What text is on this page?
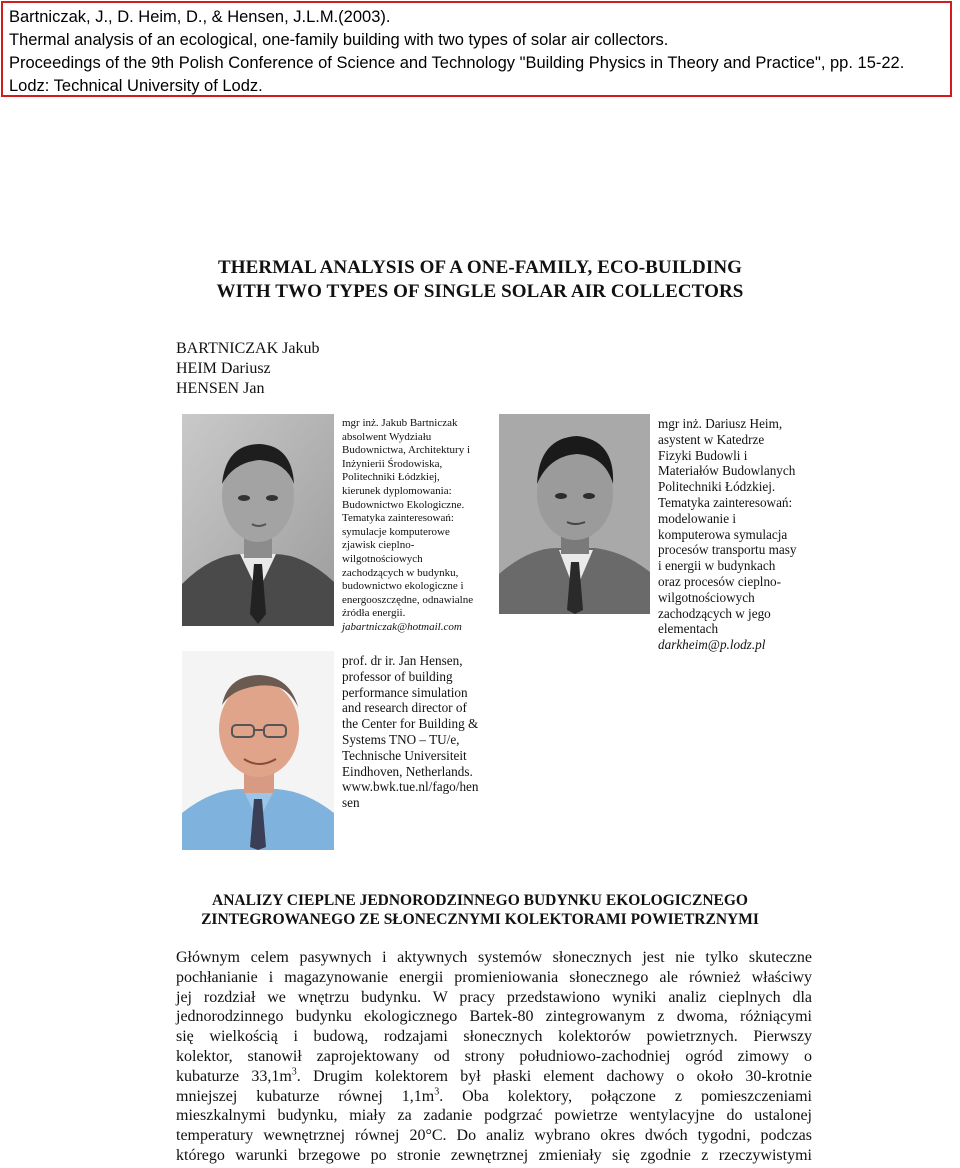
Bartniczak, J., D. Heim, D., & Hensen, J.L.M.(2003).
Thermal analysis of an ecological, one-family building with two types of solar air collectors.
Proceedings of the 9th Polish Conference of Science and Technology "Building Physics in Theory and Practice", pp. 15-22.
Lodz: Technical University of Lodz.
THERMAL ANALYSIS OF A ONE-FAMILY, ECO-BUILDING
WITH TWO TYPES OF SINGLE SOLAR AIR COLLECTORS
BARTNICZAK Jakub
HEIM Dariusz
HENSEN Jan
mgr inż. Jakub Bartniczak
absolwent Wydziału
Budownictwa, Architektury i
Inżynierii Środowiska,
Politechniki Łódzkiej,
kierunek dyplomowania:
Budownictwo Ekologiczne.
Tematyka zainteresowań:
symulacje komputerowe
zjawisk cieplno-
wilgotnościowych
zachodzących w budynku,
budownictwo ekologiczne i
energooszczędne, odnawialne
źródła energii.
jabartniczak@hotmail.com
mgr inż. Dariusz Heim,
asystent w Katedrze
Fizyki Budowli i
Materiałów Budowlanych
Politechniki Łódzkiej.
Tematyka zainteresowań:
modelowanie i
komputerowa symulacja
procesów transportu masy
i energii w budynkach
oraz procesów cieplno-
wilgotnościowych
zachodzących w jego
elementach
darkheim@p.lodz.pl
prof. dr ir. Jan Hensen,
professor of building
performance simulation
and research director of
the Center for Building &
Systems TNO – TU/e,
Technische Universiteit
Eindhoven, Netherlands.
www.bwk.tue.nl/fago/hen
sen
ANALIZY CIEPLNE JEDNORODZINNEGO BUDYNKU EKOLOGICZNEGO
ZINTEGROWANEGO ZE SŁONECZNYMI KOLEKTORAMI POWIETRZNYMI
Głównym celem pasywnych i aktywnych systemów słonecznych jest nie tylko skuteczne
pochłanianie i magazynowanie energii promieniowania słonecznego ale również właściwy
jej rozdział we wnętrzu budynku. W pracy przedstawiono wyniki analiz cieplnych dla
jednorodzinnego budynku ekologicznego Bartek-80 zintegrowanym z dwoma, różniącymi
się wielkością i budową, rodzajami słonecznych kolektorów powietrznych. Pierwszy
kolektor, stanowił zaprojektowany od strony południowo-zachodniej ogród zimowy o
kubaturze $33,1m^3$. Drugim kolektorem był płaski element dachowy o około 30-krotnie
mniejszej kubaturze równej $1,1m^3$. Oba kolektory, połączone z pomieszczeniami
mieszkalnymi budynku, miały za zadanie podgrzać powietrze wentylacyjne do ustalonej
temperatury wewnętrznej równej 20°C. Do analiz wybrano okres dwóch tygodni, podczas
którego warunki brzegowe po stronie zewnętrznej zmieniały się zgodnie z rzeczywistymi
